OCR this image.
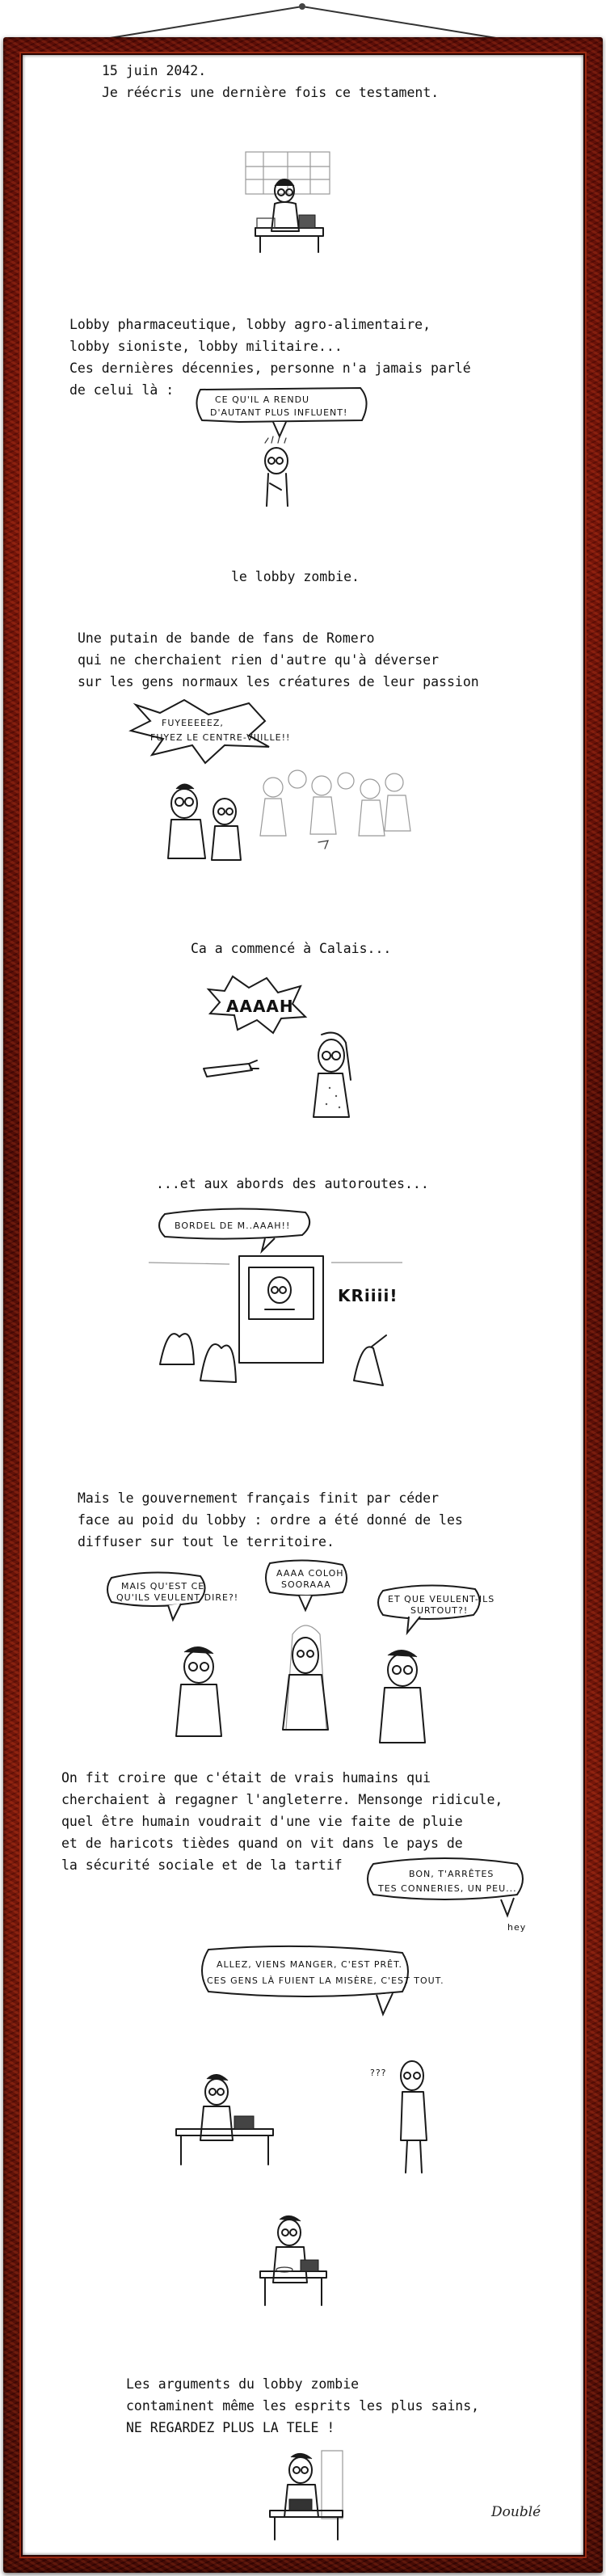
15 juin 2042.
Je réécris une dernière fois ce testament.

Lobby pharmaceutique, lobby agro-alimentaire,
lobby sioniste, lobby militaire...
Ces dernières décennies, personne n'a jamais parlé
de celui là :

CE QU'IL A RENDU
D'AUTANT PLUS INFLUENT!

le lobby zombie.

Une putain de bande de fans de Romero
qui ne cherchaient rien d'autre qu'à déverser
sur les gens normaux les créatures de leur passion

FUYEEEEEZ,
FUYEZ LE CENTRE-VIIILLE!!

Ca a commencé à Calais...

AAAAH

...et aux abords des autoroutes...

BORDEL DE M..AAAH!!
KRiiii!

Mais le gouvernement français finit par céder
face au poid du lobby : ordre a été donné de les
diffuser sur tout le territoire.

MAIS QU'EST CE
QU'ILS VEULENT DIRE?!
AAAA COLOH
SOORAAA
ET QUE VEULENT-ILS
SURTOUT?!

On fit croire que c'était de vrais humains qui
cherchaient à regagner l'angleterre. Mensonge ridicule,
quel être humain voudrait d'une vie faite de pluie
et de haricots tièdes quand on vit dans le pays de
la sécurité sociale et de la tartif

BON, T'ARRÊTES
TES CONNERIES, UN PEU...
hey
ALLEZ, VIENS MANGER, C'EST PRÊT.
CES GENS LÀ FUIENT LA MISÈRE, C'EST TOUT.
???

Les arguments du lobby zombie
contaminent même les esprits les plus sains,
NE REGARDEZ PLUS LA TELE !

Doublé
